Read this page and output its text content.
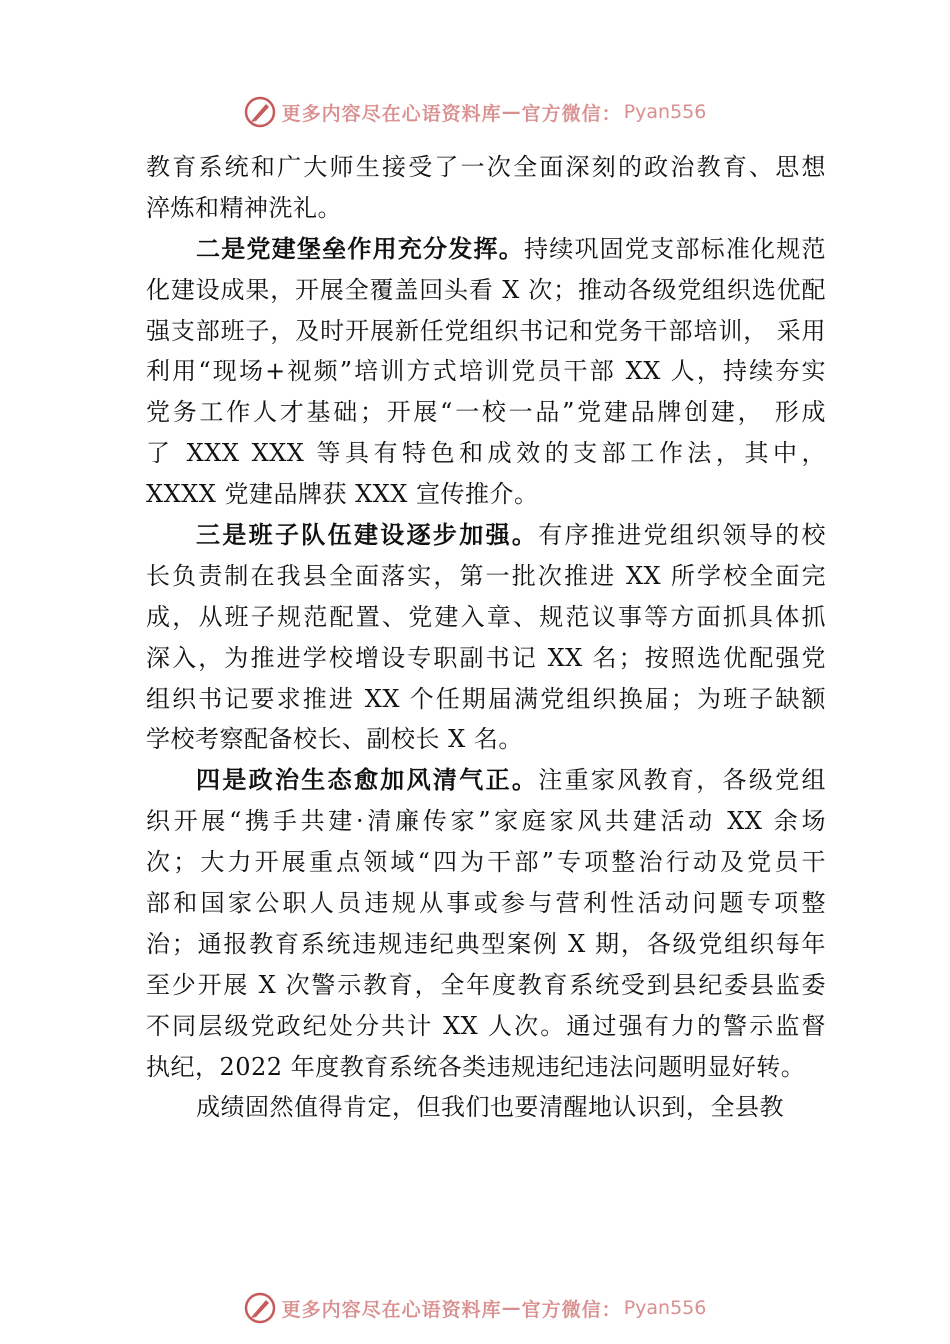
更多内容尽在心语资料库 — 官方微信： Pyan556
教育系统和广大师生接受了一次全面深刻的政治教育、思想
淬炼和精神洗礼。
二是党建堡垒作用充分发挥。持续巩固党支部标准化规范
化建设成果，开展全覆盖回头看 X 次；推动各级党组织选优配
强支部班子，及时开展新任党组织书记和党务干部培训， 采用
利用“现场+视频”培训方式培训党员干部 XX 人，持续夯实
党务工作人才基础；开展“一校一品”党建品牌创建， 形成
了 XXX XXX 等具有特色和成效的支部工作法，其中，
XXXX 党建品牌获 XXX 宣传推介。
三是班子队伍建设逐步加强。有序推进党组织领导的校
长负责制在我县全面落实，第一批次推进 XX 所学校全面完
成，从班子规范配置、党建入章、规范议事等方面抓具体抓
深入，为推进学校增设专职副书记 XX 名；按照选优配强党
组织书记要求推进 XX 个任期届满党组织换届；为班子缺额
学校考察配备校长、副校长 X 名。
四是政治生态愈加风清气正。注重家风教育，各级党组
织开展“携手共建·清廉传家”家庭家风共建活动 XX 余场
次；大力开展重点领域“四为干部”专项整治行动及党员干
部和国家公职人员违规从事或参与营利性活动问题专项整
治；通报教育系统违规违纪典型案例 X 期，各级党组织每年
至少开展 X 次警示教育，全年度教育系统受到县纪委县监委
不同层级党政纪处分共计 XX 人次。通过强有力的警示监督
执纪，2022 年度教育系统各类违规违纪违法问题明显好转。
成绩固然值得肯定，但我们也要清醒地认识到，全县教
更多内容尽在心语资料库 — 官方微信： Pyan556
